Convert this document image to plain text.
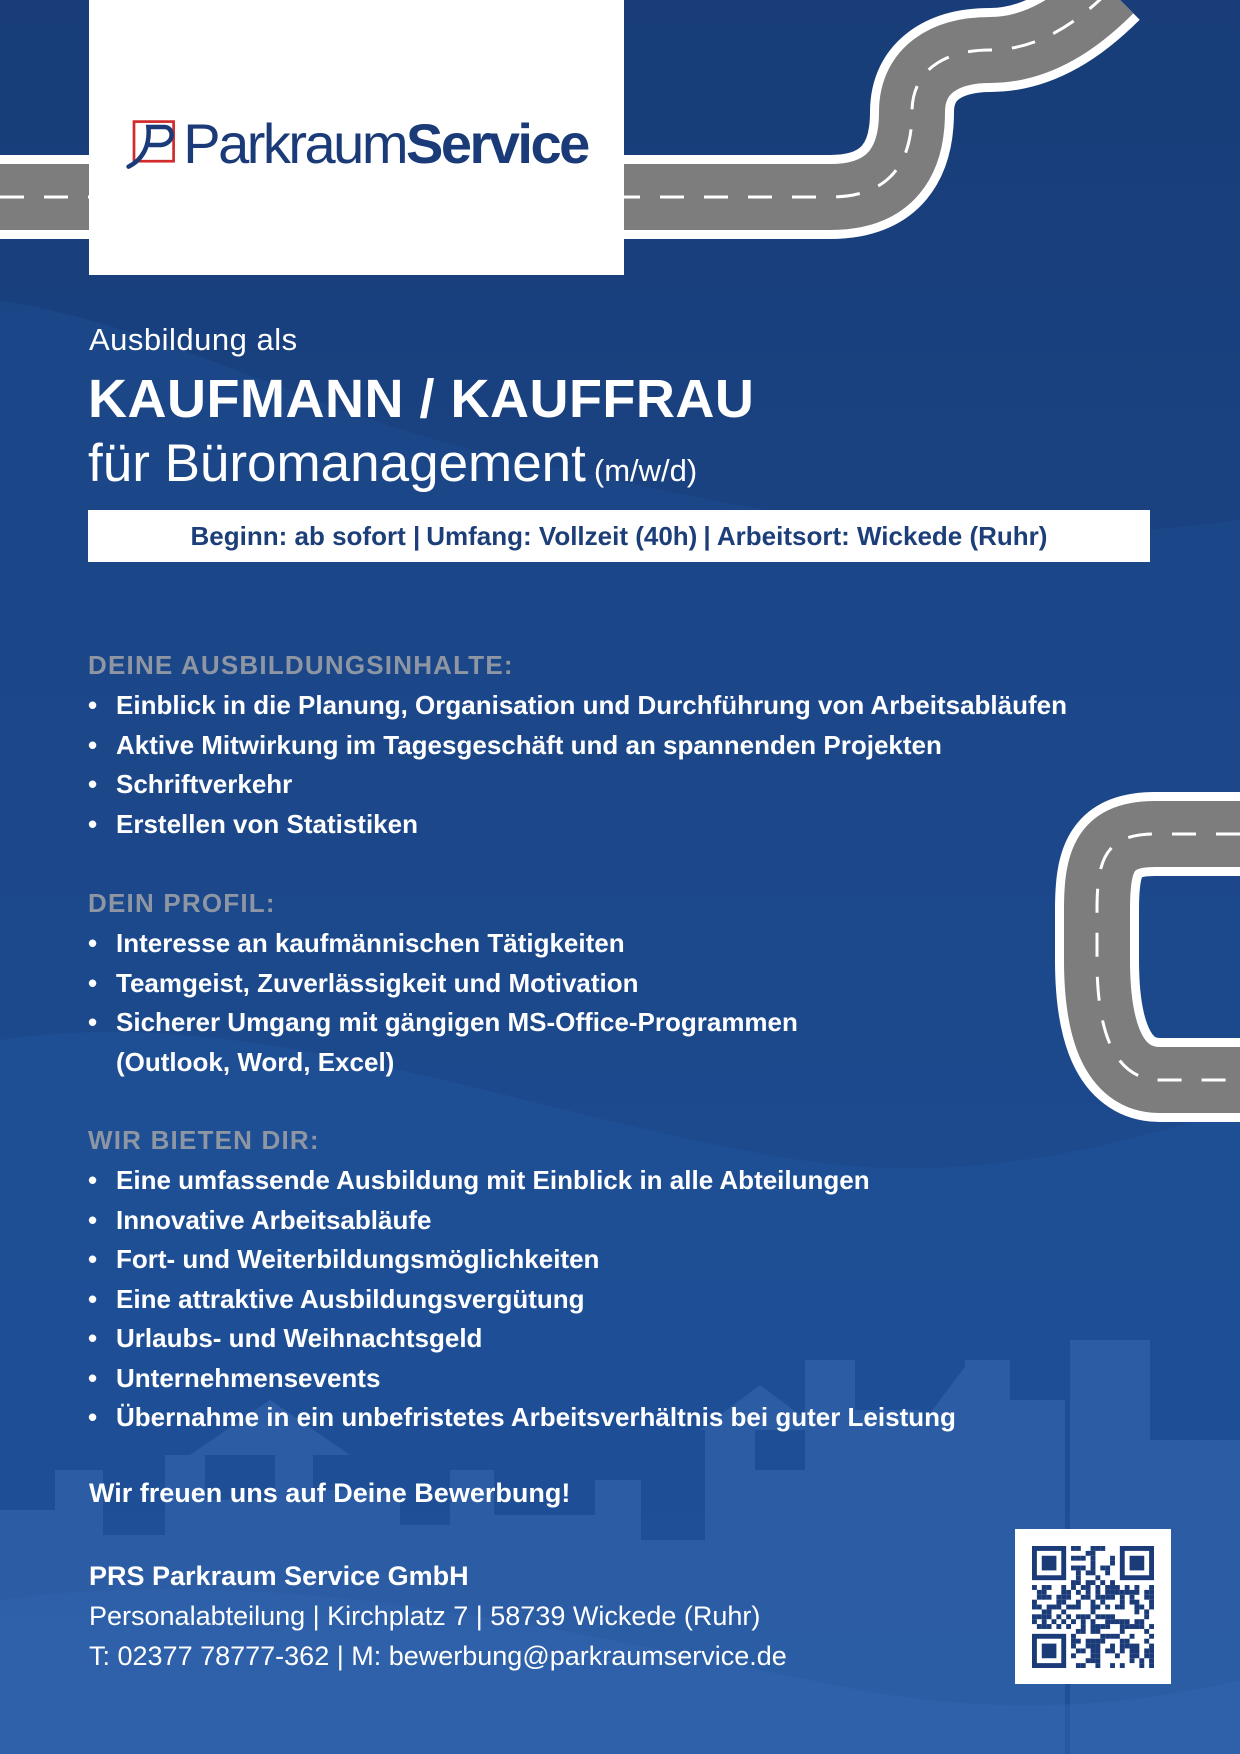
ParkraumService
Ausbildung als
KAUFMANN / KAUFFRAU
für Büromanagement (m/w/d)
Beginn: ab sofort | Umfang: Vollzeit (40h) | Arbeitsort: Wickede (Ruhr)
DEINE AUSBILDUNGSINHALTE:
• Einblick in die Planung, Organisation und Durchführung von Arbeitsabläufen
• Aktive Mitwirkung im Tagesgeschäft und an spannenden Projekten
• Schriftverkehr
• Erstellen von Statistiken
DEIN PROFIL:
• Interesse an kaufmännischen Tätigkeiten
• Teamgeist, Zuverlässigkeit und Motivation
• Sicherer Umgang mit gängigen MS-Office-Programmen (Outlook, Word, Excel)
WIR BIETEN DIR:
• Eine umfassende Ausbildung mit Einblick in alle Abteilungen
• Innovative Arbeitsabläufe
• Fort- und Weiterbildungsmöglichkeiten
• Eine attraktive Ausbildungsvergütung
• Urlaubs- und Weihnachtsgeld
• Unternehmensevents
• Übernahme in ein unbefristetes Arbeitsverhältnis bei guter Leistung
Wir freuen uns auf Deine Bewerbung!
PRS Parkraum Service GmbH
Personalabteilung | Kirchplatz 7 | 58739 Wickede (Ruhr)
T: 02377 78777-362 | M: bewerbung@parkraumservice.de
